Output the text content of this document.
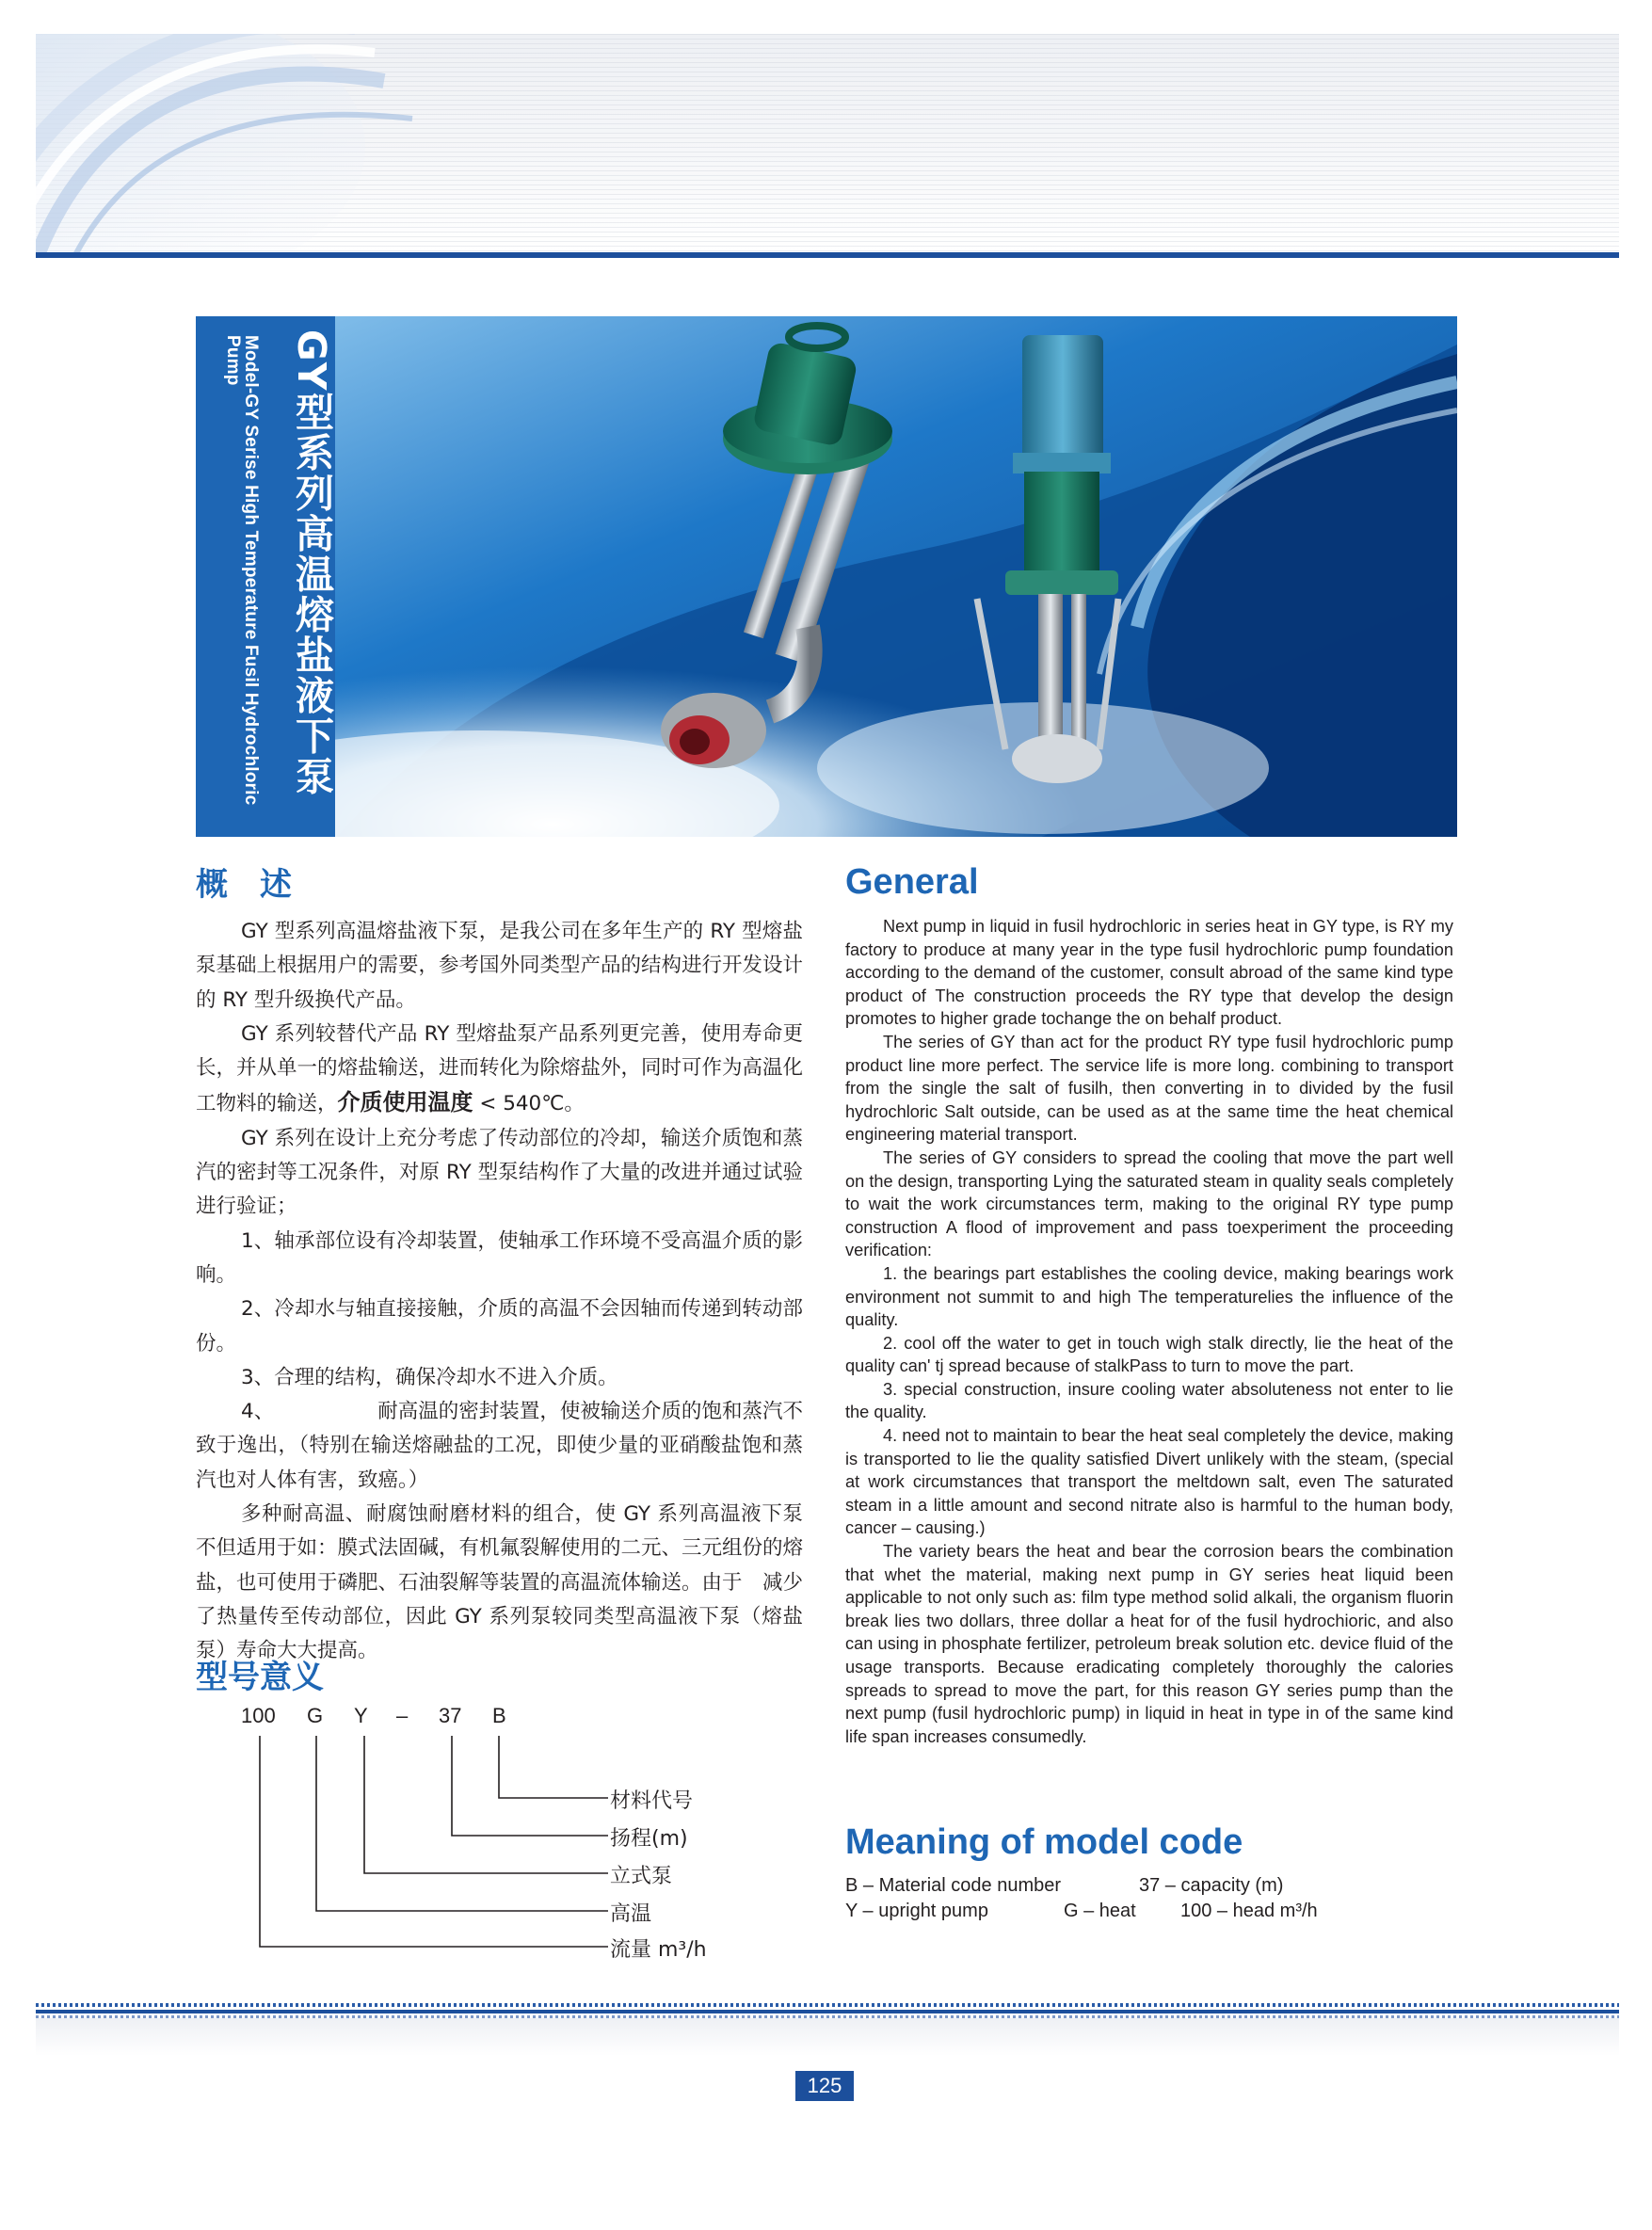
GY型系列高温熔盐液下泵
Model-GY Serise High Temperature Fusil Hydrochloric Pump
概　述

GY 型系列高温熔盐液下泵，是我公司在多年生产的 RY 型熔盐泵基础上根据用户的需要，参考国外同类型产品的结构进行开发设计的 RY 型升级换代产品。

GY 系列较替代产品 RY 型熔盐泵产品系列更完善，使用寿命更长，并从单一的熔盐输送，进而转化为除熔盐外，同时可作为高温化工物料的输送，介质使用温度 < 540℃。

GY 系列在设计上充分考虑了传动部位的冷却，输送介质饱和蒸汽的密封等工况条件，对原 RY 型泵结构作了大量的改进并通过试验进行验证；

1、轴承部位设有冷却装置，使轴承工作环境不受高温介质的影响。

2、冷却水与轴直接接触，介质的高温不会因轴而传递到转动部份。

3、合理的结构，确保冷却水不进入介质。

4、	耐高温的密封装置，使被输送介质的饱和蒸汽不致于逸出，（特别在输送熔融盐的工况，即使少量的亚硝酸盐饱和蒸汽也对人体有害，致癌。）

多种耐高温、耐腐蚀耐磨材料的组合，使 GY 系列高温液下泵不但适用于如：膜式法固碱，有机氟裂解使用的二元、三元组份的熔盐，也可使用于磷肥、石油裂解等装置的高温流体输送。由于　减少　了热量传至传动部位，因此 GY 系列泵较同类型高温液下泵（熔盐泵）寿命大大提高。

型号意义
100 G Y – 37 B
材料代号
扬程(m)
立式泵
高温
流量 m³/h
General

Next pump in liquid in fusil hydrochloric in series heat in GY type, is RY my factory to produce at many year in the type fusil hydrochloric pump foundation according to the demand of the customer, consult abroad of the same kind type product of The construction proceeds the RY type that develop the design promotes to higher grade tochange the on behalf product.

The series of GY than act for the product RY type fusil hydrochloric pump product line more perfect. The service life is more long. combining to transport from the single the salt of fusilh, then converting in to divided by the fusil hydrochloric Salt outside, can be used as at the same time the heat chemical engineering material transport.

The series of GY considers to spread the cooling that move the part well on the design, transporting Lying the saturated steam in quality seals completely to wait the work circumstances term, making to the original RY type pump construction A flood of improvement and pass toexperiment the proceeding verification:

1. the bearings part establishes the cooling device, making bearings work environment not summit to and high The temperaturelies the influence of the quality.

2. cool off the water to get in touch wigh stalk directly, lie the heat of the quality can' tj spread because of stalkPass to turn to move the part.

3. special construction, insure cooling water absoluteness not enter to lie the quality.

4. need not to maintain to bear the heat seal completely the device, making is transported to lie the quality satisfied Divert unlikely with the steam, (special at work circumstances that transport the meltdown salt, even The saturated steam in a little amount and second nitrate also is harmful to the human body, cancer – causing.)

The variety bears the heat and bear the corrosion bears the combination that whet the material, making next pump in GY series heat liquid been applicable to not only such as: film type method solid alkali, the organism fluorin break lies two dollars, three dollar a heat for of the fusil hydrochioric, and also can using in phosphate fertilizer, petroleum break solution etc. device fluid of the usage transports. Because eradicating completely thoroughly the calories spreads to spread to move the part, for this reason GY series pump than the next pump (fusil hydrochloric pump) in liquid in heat in type in of the same kind life span increases consumedly.

Meaning of model code
B – Material code number	37 – capacity (m)
Y – upright pump	G – heat 100 – head m³/h
125
